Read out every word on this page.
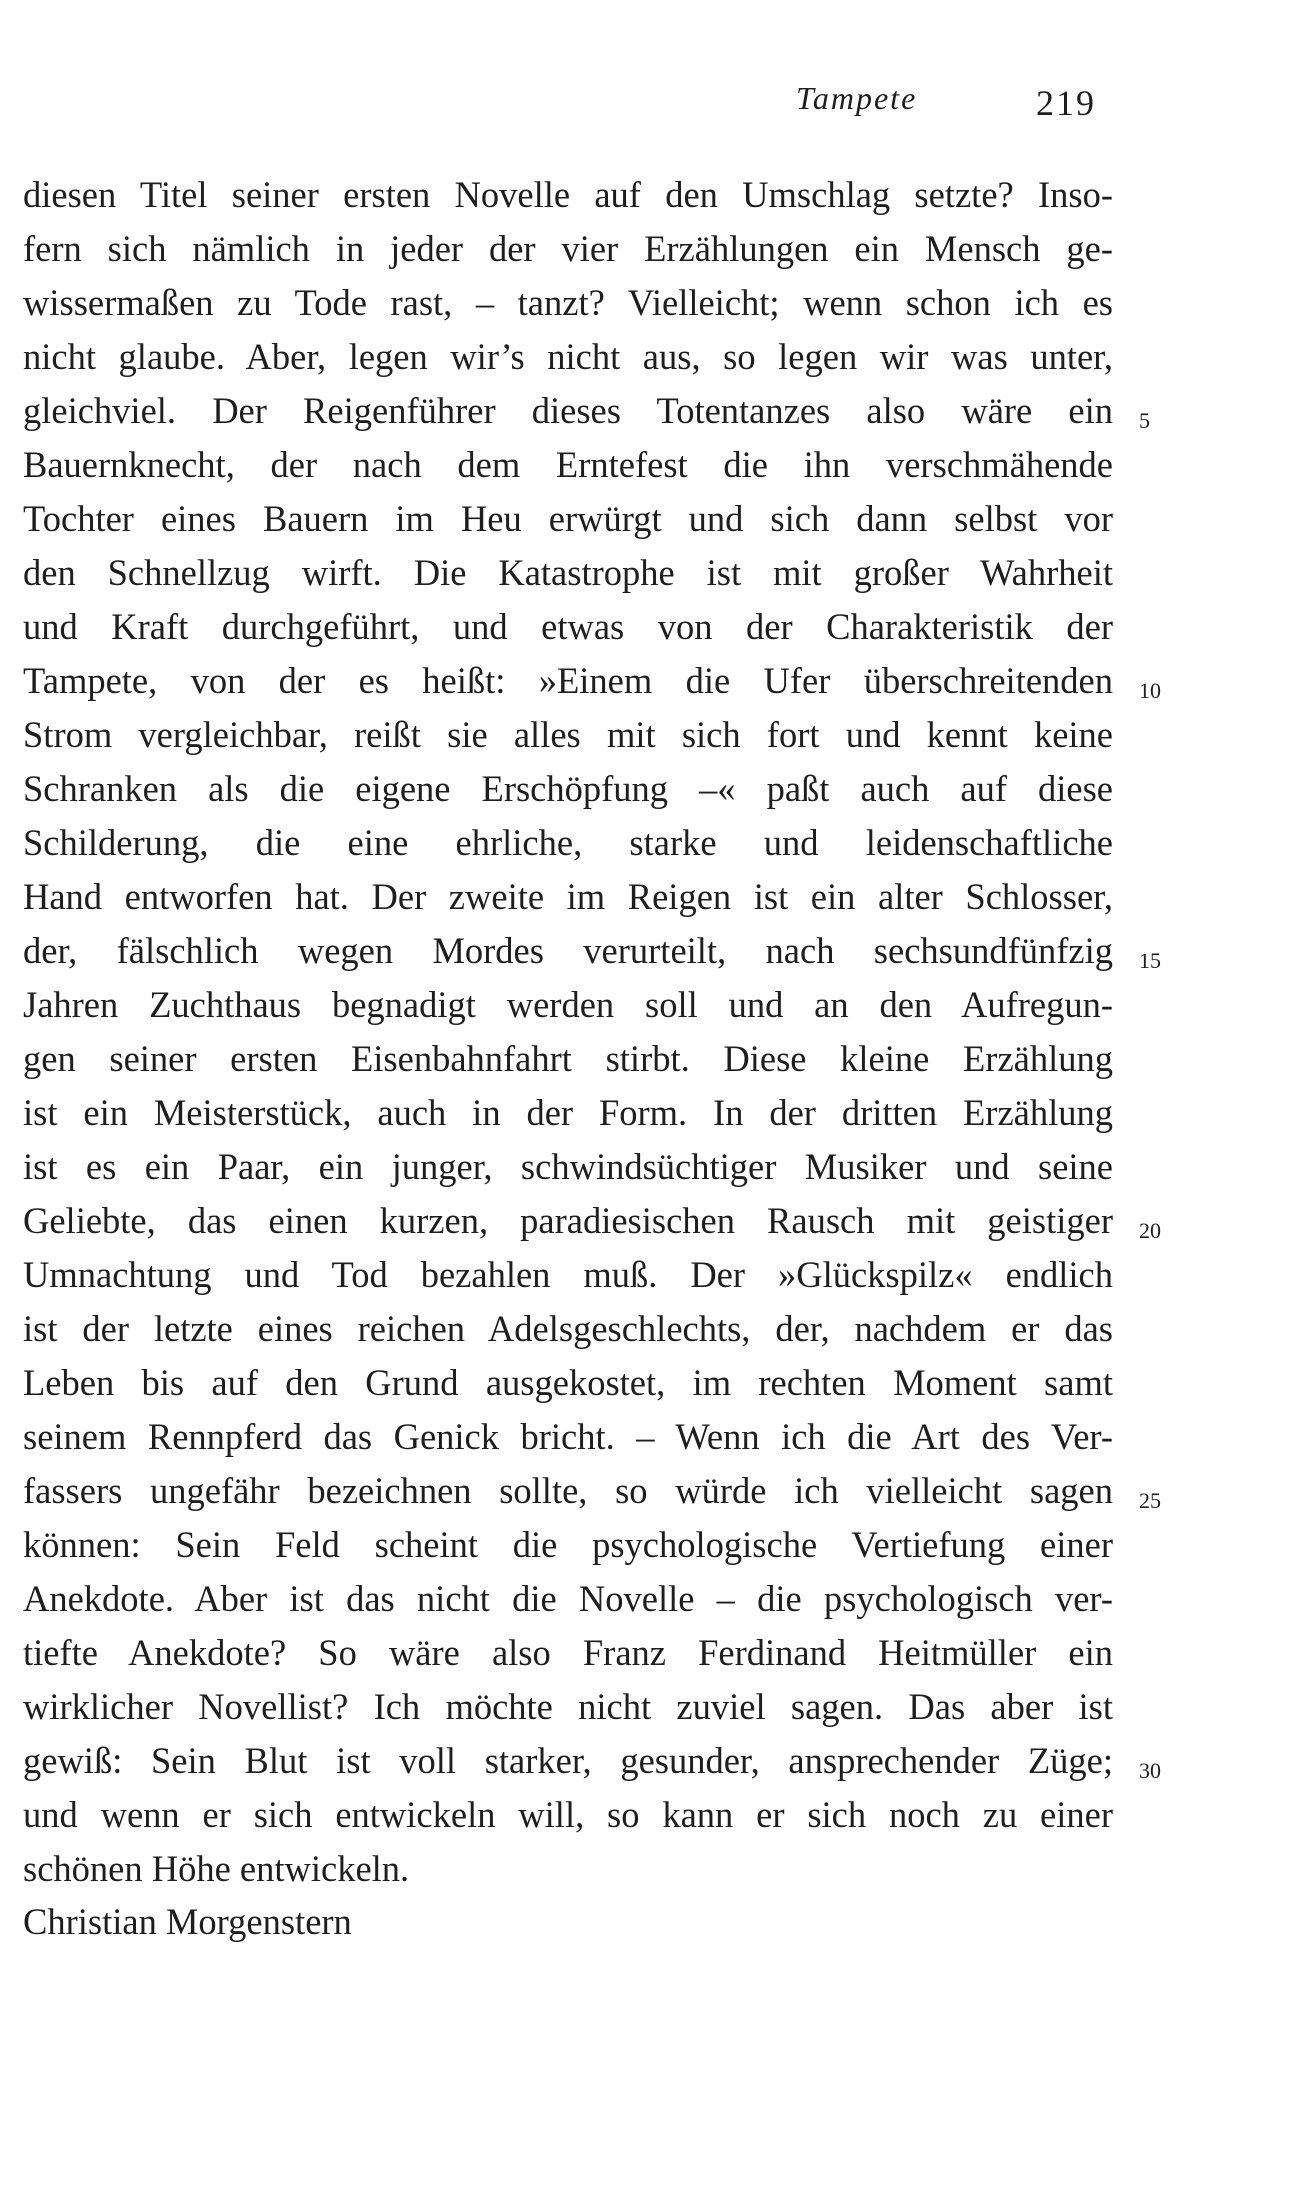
Tampete	219
diesen Titel seiner ersten Novelle auf den Umschlag setzte? Inso-
fern sich nämlich in jeder der vier Erzählungen ein Mensch ge-
wissermaßen zu Tode rast, – tanzt? Vielleicht; wenn schon ich es
nicht glaube. Aber, legen wir’s nicht aus, so legen wir was unter,
gleichviel. Der Reigenführer dieses Totentanzes also wäre ein
Bauernknecht, der nach dem Erntefest die ihn verschmähende
Tochter eines Bauern im Heu erwürgt und sich dann selbst vor
den Schnellzug wirft. Die Katastrophe ist mit großer Wahrheit
und Kraft durchgeführt, und etwas von der Charakteristik der
Tampete, von der es heißt: »Einem die Ufer überschreitenden
Strom vergleichbar, reißt sie alles mit sich fort und kennt keine
Schranken als die eigene Erschöpfung –« paßt auch auf diese
Schilderung, die eine ehrliche, starke und leidenschaftliche
Hand entworfen hat. Der zweite im Reigen ist ein alter Schlosser,
der, fälschlich wegen Mordes verurteilt, nach sechsundfünfzig
Jahren Zuchthaus begnadigt werden soll und an den Aufregun-
gen seiner ersten Eisenbahnfahrt stirbt. Diese kleine Erzählung
ist ein Meisterstück, auch in der Form. In der dritten Erzählung
ist es ein Paar, ein junger, schwindsüchtiger Musiker und seine
Geliebte, das einen kurzen, paradiesischen Rausch mit geistiger
Umnachtung und Tod bezahlen muß. Der »Glückspilz« endlich
ist der letzte eines reichen Adelsgeschlechts, der, nachdem er das
Leben bis auf den Grund ausgekostet, im rechten Moment samt
seinem Rennpferd das Genick bricht. – Wenn ich die Art des Ver-
fassers ungefähr bezeichnen sollte, so würde ich vielleicht sagen
können: Sein Feld scheint die psychologische Vertiefung einer
Anekdote. Aber ist das nicht die Novelle – die psychologisch ver-
tiefte Anekdote? So wäre also Franz Ferdinand Heitmüller ein
wirklicher Novellist? Ich möchte nicht zuviel sagen. Das aber ist
gewiß: Sein Blut ist voll starker, gesunder, ansprechender Züge;
und wenn er sich entwickeln will, so kann er sich noch zu einer
schönen Höhe entwickeln.
5
10
15
20
25
30
Christian Morgenstern
